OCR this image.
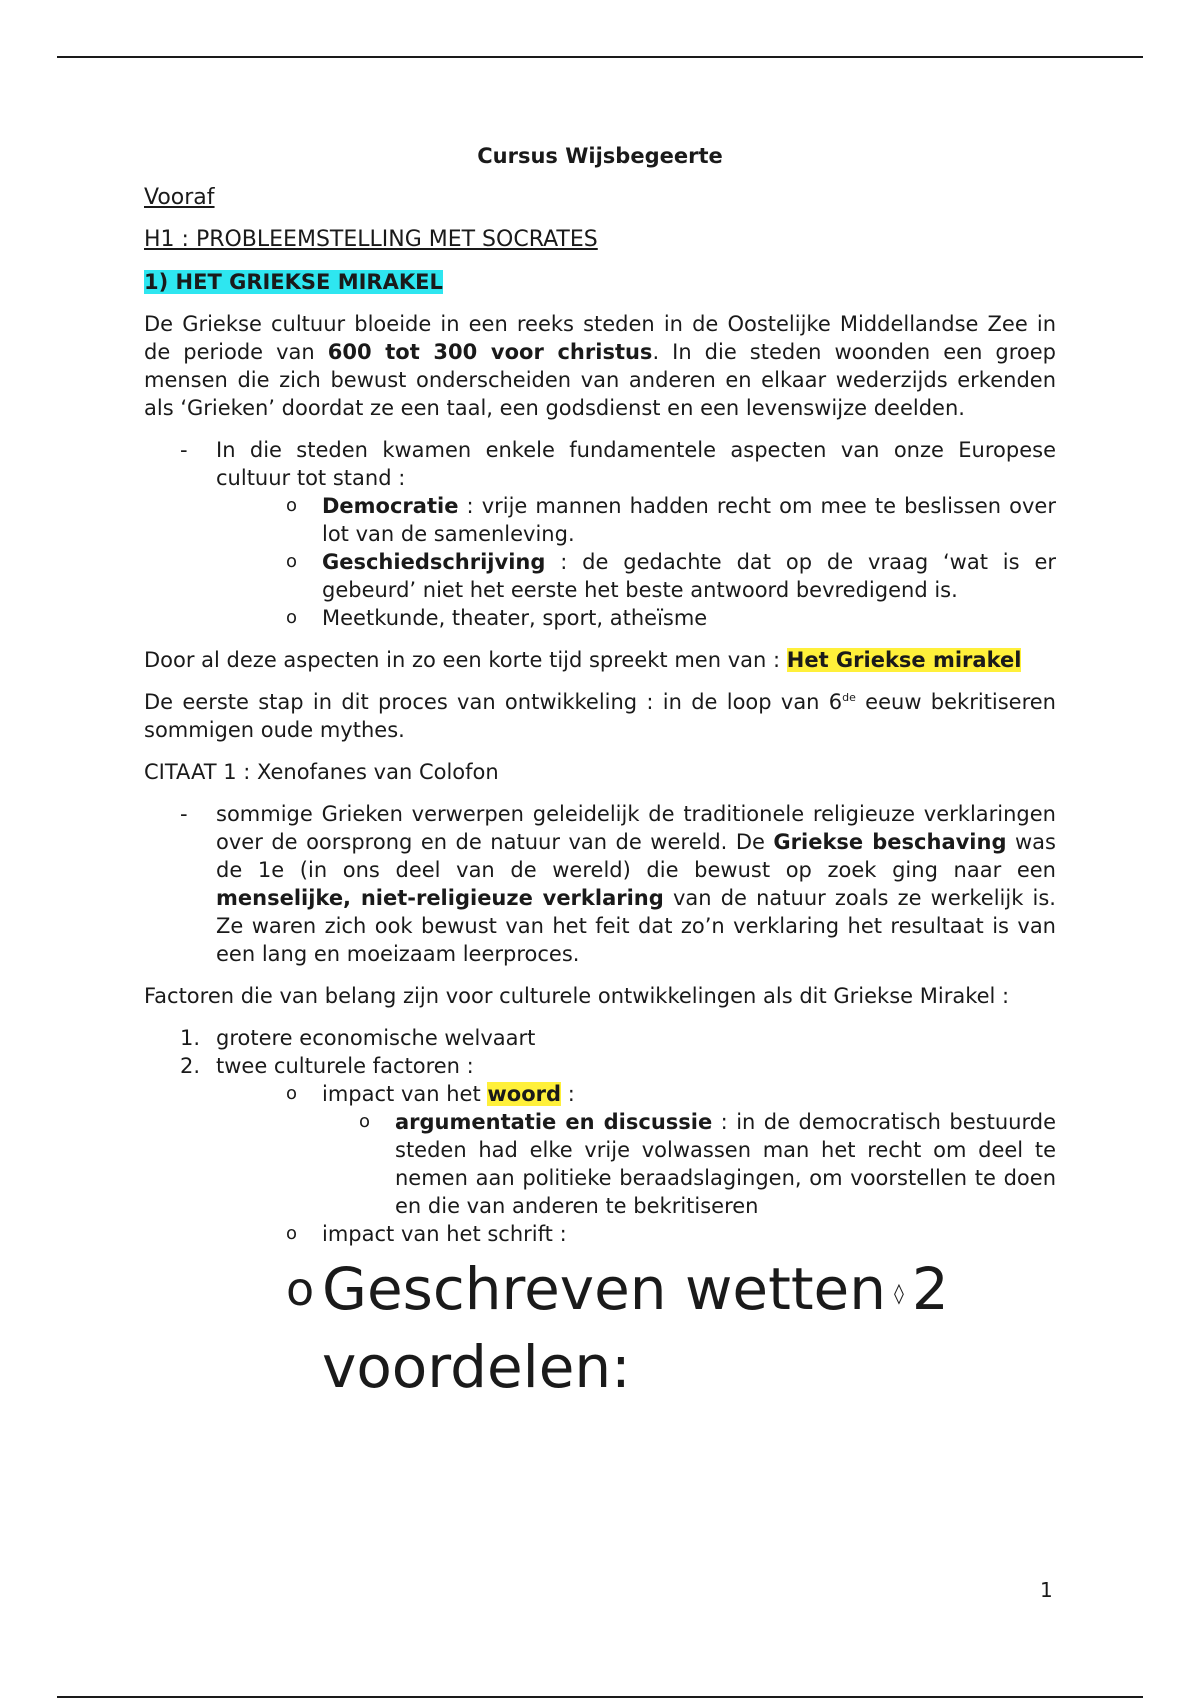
Cursus Wijsbegeerte
Vooraf
H1 : PROBLEEMSTELLING MET SOCRATES

1) HET GRIEKSE MIRAKEL

De Griekse cultuur bloeide in een reeks steden in de Oostelijke Middellandse Zee in de periode van 600 tot 300 voor christus. In die steden woonden een groep mensen die zich bewust onderscheiden van anderen en elkaar wederzijds erkenden als ‘Grieken’ doordat ze een taal, een godsdienst en een levenswijze deelden.

- In die steden kwamen enkele fundamentele aspecten van onze Europese cultuur tot stand :
o Democratie : vrije mannen hadden recht om mee te beslissen over lot van de samenleving.
o Geschiedschrijving : de gedachte dat op de vraag ‘wat is er gebeurd’ niet het eerste het beste antwoord bevredigend is.
o Meetkunde, theater, sport, atheïsme

Door al deze aspecten in zo een korte tijd spreekt men van : Het Griekse mirakel

De eerste stap in dit proces van ontwikkeling : in de loop van 6de eeuw bekritiseren sommigen oude mythes.

CITAAT 1 : Xenofanes van Colofon

- sommige Grieken verwerpen geleidelijk de traditionele religieuze verklaringen over de oorsprong en de natuur van de wereld. De Griekse beschaving was de 1e (in ons deel van de wereld) die bewust op zoek ging naar een menselijke, niet-religieuze verklaring van de natuur zoals ze werkelijk is. Ze waren zich ook bewust van het feit dat zo’n verklaring het resultaat is van een lang en moeizaam leerproces.

Factoren die van belang zijn voor culturele ontwikkelingen als dit Griekse Mirakel :

1. grotere economische welvaart
2. twee culturele factoren :
o impact van het woord :
o argumentatie en discussie : in de democratisch bestuurde steden had elke vrije volwassen man het recht om deel te nemen aan politieke beraadslagingen, om voorstellen te doen en die van anderen te bekritiseren
o impact van het schrift :
o Geschreven wetten ◊ 2 voordelen:
1
